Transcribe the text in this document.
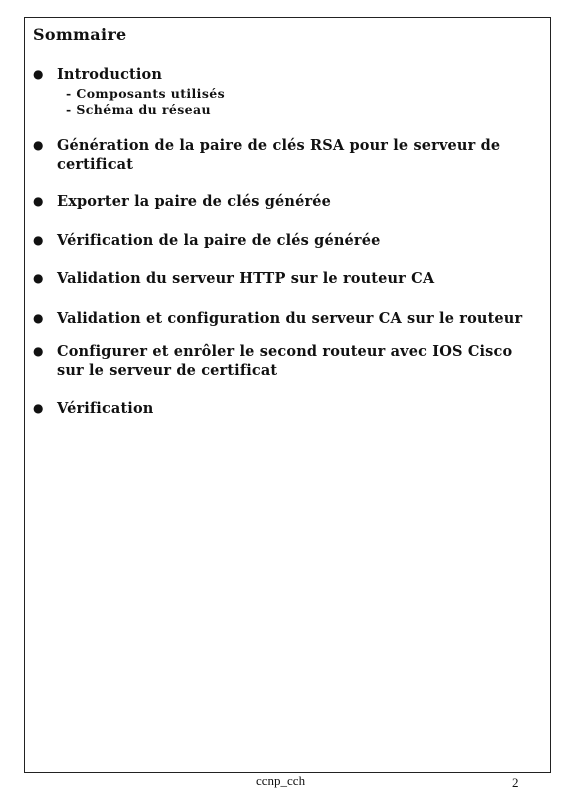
Sommaire
● Introduction
- Composants utilisés
- Schéma du réseau
● Génération de la paire de clés RSA pour le serveur de
certificat
● Exporter la paire de clés générée
● Vérification de la paire de clés générée
● Validation du serveur HTTP sur le routeur CA
● Validation et configuration du serveur CA sur le routeur
● Configurer et enrôler le second routeur avec IOS Cisco
sur le serveur de certificat
● Vérification
ccnp_cch	2
